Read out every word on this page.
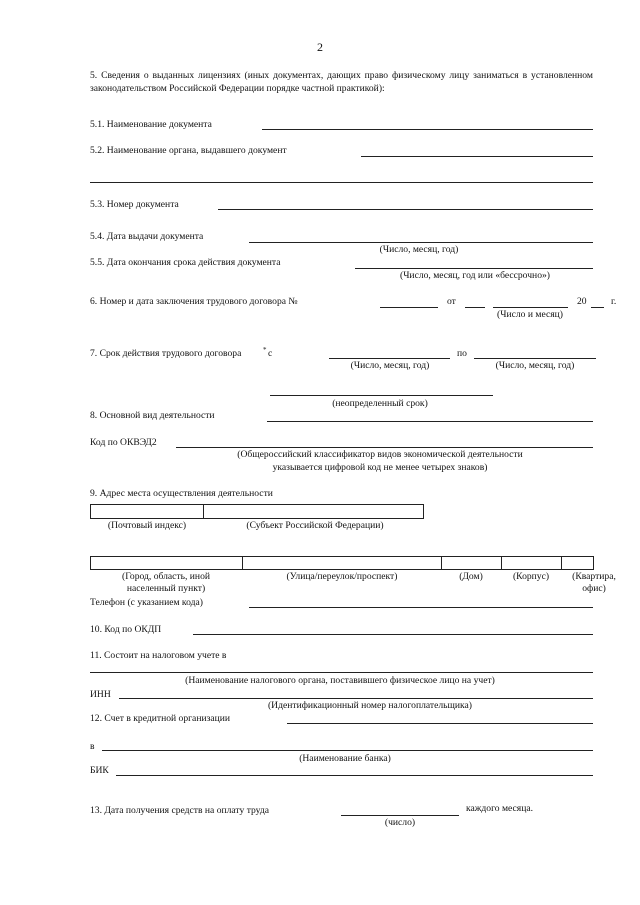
2
5. Сведения о выданных лицензиях (иных документах, дающих право физическому лицу заниматься в установленном законодательством Российской Федерации порядке частной практикой):
5.1. Наименование документа
5.2. Наименование органа, выдавшего документ
5.3. Номер документа
5.4. Дата выдачи документа
(Число, месяц, год)
5.5. Дата окончания срока действия документа
(Число, месяц, год или «бессрочно»)
6. Номер и дата заключения трудового договора №	от	20	г.
(Число и месяц)
7. Срок действия трудового договора	* с	по
(Число, месяц, год)	(Число, месяц, год)
(неопределенный срок)
8. Основной вид деятельности
Код по ОКВЭД2
(Общероссийский классификатор видов экономической деятельности
указывается цифровой код не менее четырех знаков)
9. Адрес места осуществления деятельности
(Почтовый индекс)	(Субъект Российской Федерации)
(Город, область, иной
населенный пункт)
(Улица/переулок/проспект)	(Дом)	(Корпус)	(Квартира,
офис)
Телефон (с указанием кода)
10. Код по ОКДП
11. Состоит на налоговом учете в
(Наименование налогового органа, поставившего физическое лицо на учет)
ИНН
(Идентификационный номер налогоплательщика)
12. Счет в кредитной организации
в
(Наименование банка)
БИК
13. Дата получения средств на оплату труда	каждого месяца.
(число)
